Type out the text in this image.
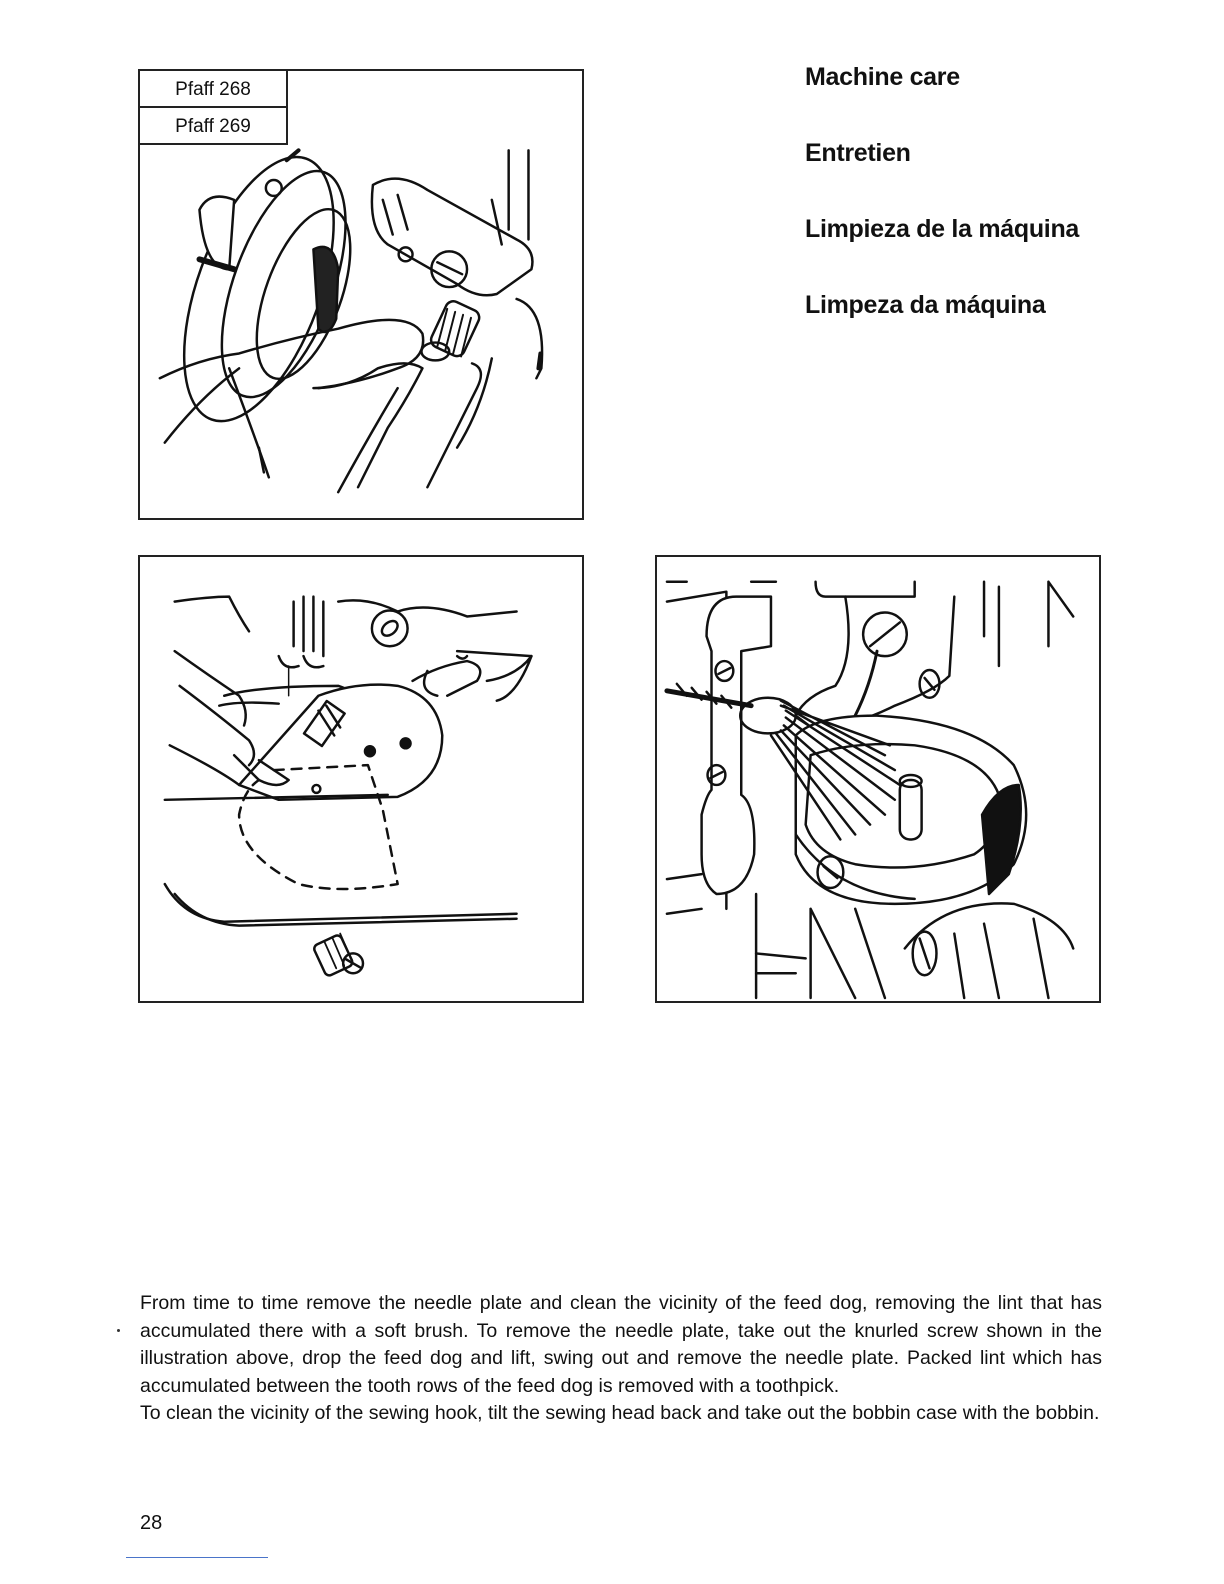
Pfaff 268
Pfaff 269
Machine care
Entretien
Limpieza de la máquina
Limpeza da máquina

From time to time remove the needle plate and clean the vicinity of the feed dog, removing the lint that has accumulated there with a soft brush. To remove the needle plate, take out the knurled screw shown in the illustration above, drop the feed dog and lift, swing out and remove the needle plate. Packed lint which has accumulated between the tooth rows of the feed dog is removed with a toothpick.

To clean the vicinity of the sewing hook, tilt the sewing head back and take out the bobbin case with the bobbin.

28
